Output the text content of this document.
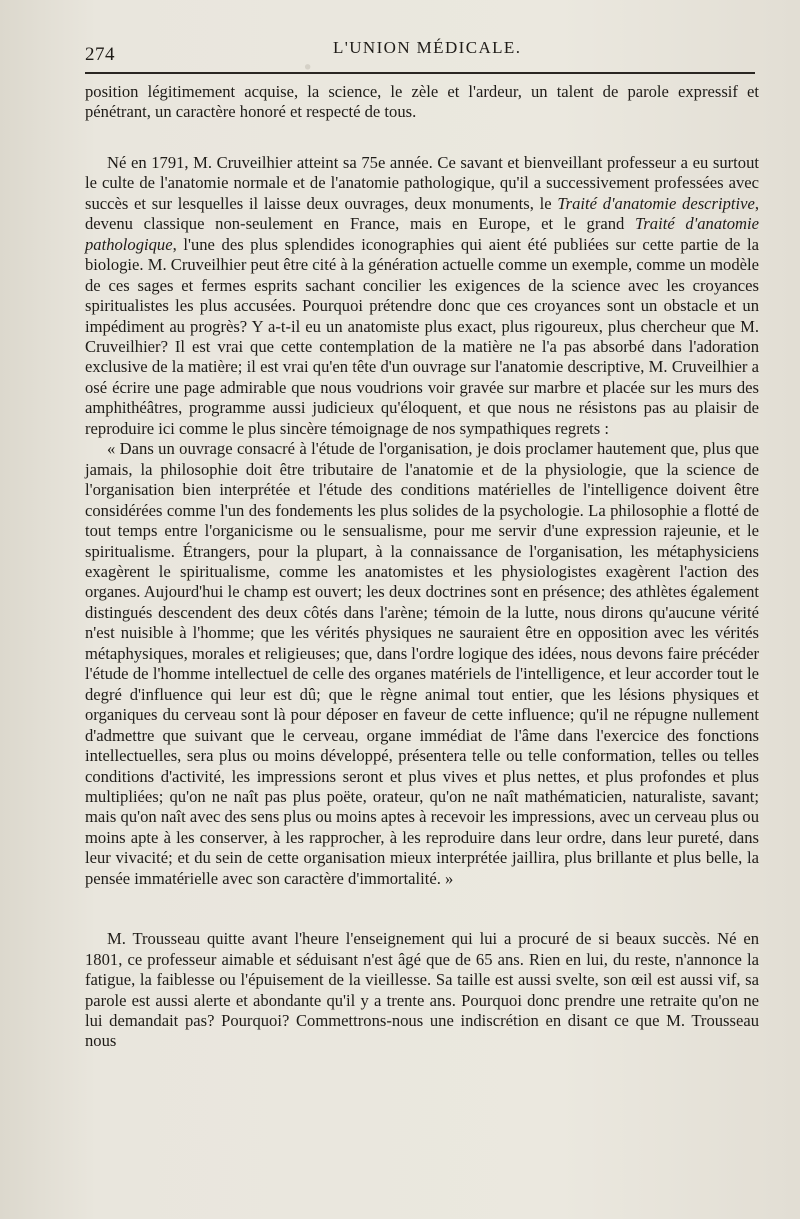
·
274	L'UNION MÉDICALE.

position légitimement acquise, la science, le zèle et l'ardeur, un talent de parole expressif et pénétrant, un caractère honoré et respecté de tous.

Né en 1791, M. Cruveilhier atteint sa 75e année. Ce savant et bienveillant professeur a eu surtout le culte de l'anatomie normale et de l'anatomie pathologique, qu'il a successivement professées avec succès et sur lesquelles il laisse deux ouvrages, deux monuments, le Traité d'anatomie descriptive, devenu classique non-seulement en France, mais en Europe, et le grand Traité d'anatomie pathologique, l'une des plus splendides iconographies qui aient été publiées sur cette partie de la biologie. M. Cruveilhier peut être cité à la génération actuelle comme un exemple, comme un modèle de ces sages et fermes esprits sachant concilier les exigences de la science avec les croyances spiritualistes les plus accusées. Pourquoi prétendre donc que ces croyances sont un obstacle et un impédiment au progrès? Y a-t-il eu un anatomiste plus exact, plus rigoureux, plus chercheur que M. Cruveilhier? Il est vrai que cette contemplation de la matière ne l'a pas absorbé dans l'adoration exclusive de la matière; il est vrai qu'en tête d'un ouvrage sur l'anatomie descriptive, M. Cruveilhier a osé écrire une page admirable que nous voudrions voir gravée sur marbre et placée sur les murs des amphithéâtres, programme aussi judicieux qu'éloquent, et que nous ne résistons pas au plaisir de reproduire ici comme le plus sincère témoignage de nos sympathiques regrets :

« Dans un ouvrage consacré à l'étude de l'organisation, je dois proclamer hautement que, plus que jamais, la philosophie doit être tributaire de l'anatomie et de la physiologie, que la science de l'organisation bien interprétée et l'étude des conditions matérielles de l'intelligence doivent être considérées comme l'un des fondements les plus solides de la psychologie. La philosophie a flotté de tout temps entre l'organicisme ou le sensualisme, pour me servir d'une expression rajeunie, et le spiritualisme. Étrangers, pour la plupart, à la connaissance de l'organisation, les métaphysiciens exagèrent le spiritualisme, comme les anatomistes et les physiologistes exagèrent l'action des organes. Aujourd'hui le champ est ouvert; les deux doctrines sont en présence; des athlètes également distingués descendent des deux côtés dans l'arène; témoin de la lutte, nous dirons qu'aucune vérité n'est nuisible à l'homme; que les vérités physiques ne sauraient être en opposition avec les vérités métaphysiques, morales et religieuses; que, dans l'ordre logique des idées, nous devons faire précéder l'étude de l'homme intellectuel de celle des organes matériels de l'intelligence, et leur accorder tout le degré d'influence qui leur est dû; que le règne animal tout entier, que les lésions physiques et organiques du cerveau sont là pour déposer en faveur de cette influence; qu'il ne répugne nullement d'admettre que suivant que le cerveau, organe immédiat de l'âme dans l'exercice des fonctions intellectuelles, sera plus ou moins développé, présentera telle ou telle conformation, telles ou telles conditions d'activité, les impressions seront et plus vives et plus nettes, et plus profondes et plus multipliées; qu'on ne naît pas plus poëte, orateur, qu'on ne naît mathématicien, naturaliste, savant; mais qu'on naît avec des sens plus ou moins aptes à recevoir les impressions, avec un cerveau plus ou moins apte à les conserver, à les rapprocher, à les reproduire dans leur ordre, dans leur pureté, dans leur vivacité; et du sein de cette organisation mieux interprétée jaillira, plus brillante et plus belle, la pensée immatérielle avec son caractère d'immortalité. »

M. Trousseau quitte avant l'heure l'enseignement qui lui a procuré de si beaux succès. Né en 1801, ce professeur aimable et séduisant n'est âgé que de 65 ans. Rien en lui, du reste, n'annonce la fatigue, la faiblesse ou l'épuisement de la vieillesse. Sa taille est aussi svelte, son œil est aussi vif, sa parole est aussi alerte et abondante qu'il y a trente ans. Pourquoi donc prendre une retraite qu'on ne lui demandait pas? Pourquoi? Commettrons-nous une indiscrétion en disant ce que M. Trousseau nous
